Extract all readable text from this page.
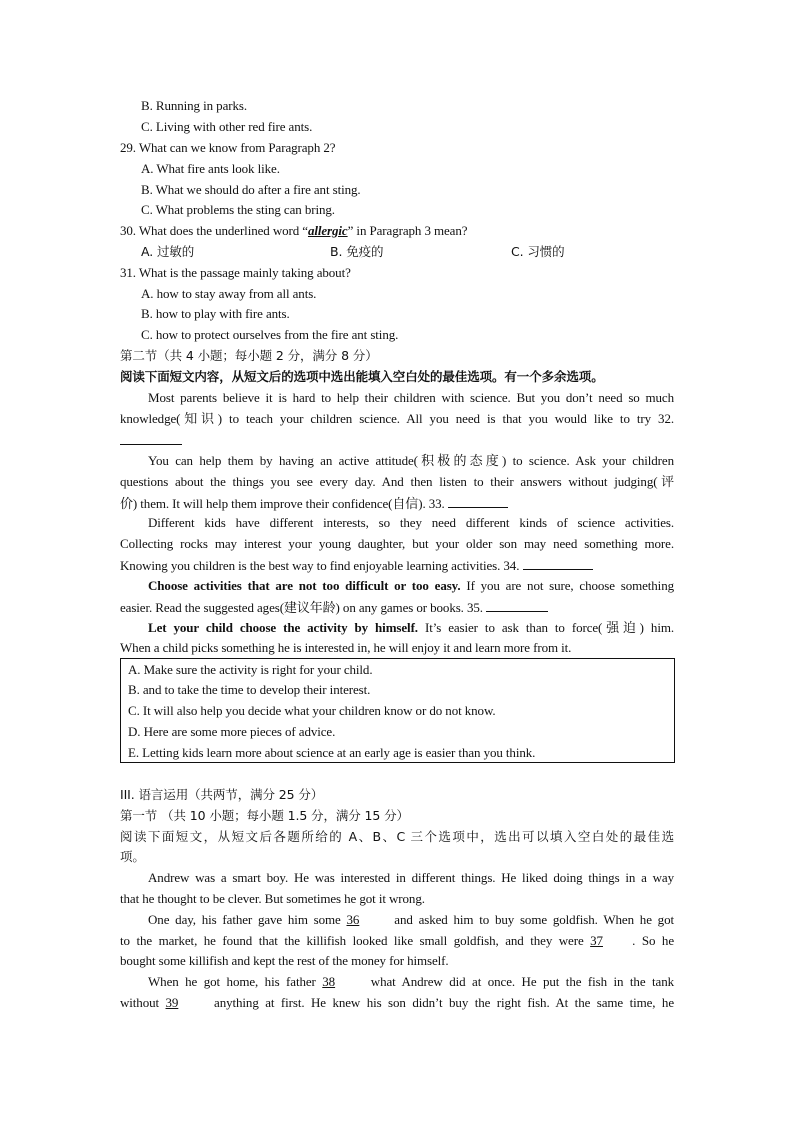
B. Running in parks.
C. Living with other red fire ants.
29. What can we know from Paragraph 2?
A. What fire ants look like.
B. What we should do after a fire ant sting.
C. What problems the sting can bring.
30. What does the underlined word “allergic” in Paragraph 3 mean?
A. 过敏的	B. 免疫的	C. 习惯的
31. What is the passage mainly taking about?
A. how to stay away from all ants.
B. how to play with fire ants.
C. how to protect ourselves from the fire ant sting.
第二节（共 4 小题；每小题 2 分，满分 8 分）
阅读下面短文内容，从短文后的选项中选出能填入空白处的最佳选项。有一个多余选项。
Most parents believe it is hard to help their children with science. But you don’t need so much
knowledge(知识) to teach your children science. All you need is that you would like to try 32.
You can help them by having an active attitude(积极的态度) to science. Ask your children
questions about the things you see every day. And then listen to their answers without judging(评
价) them. It will help them improve their confidence(自信). 33.
Different kids have different interests, so they need different kinds of science activities.
Collecting rocks may interest your young daughter, but your older son may need something more.
Knowing you children is the best way to find enjoyable learning activities. 34.
Choose activities that are not too difficult or too easy. If you are not sure, choose something
easier. Read the suggested ages(建议年龄) on any games or books. 35.
Let your child choose the activity by himself. It’s easier to ask than to force(强迫) him.
When a child picks something he is interested in, he will enjoy it and learn more from it.
A. Make sure the activity is right for your child.
B. and to take the time to develop their interest.
C. It will also help you decide what your children know or do not know.
D. Here are some more pieces of advice.
E. Letting kids learn more about science at an early age is easier than you think.
III. 语言运用（共两节，满分 25 分）
第一节 （共 10 小题；每小题 1.5 分，满分 15 分）
阅读下面短文，从短文后各题所给的 A、B、C 三个选项中，选出可以填入空白处的最佳选
项。
Andrew was a smart boy. He was interested in different things. He liked doing things in a way
that he thought to be clever. But sometimes he got it wrong.
One day, his father gave him some 36 and asked him to buy some goldfish. When he got
to the market, he found that the killifish looked like small goldfish, and they were 37 . So he
bought some killifish and kept the rest of the money for himself.
When he got home, his father 38 what Andrew did at once. He put the fish in the tank
without 39 anything at first. He knew his son didn’t buy the right fish. At the same time, he
